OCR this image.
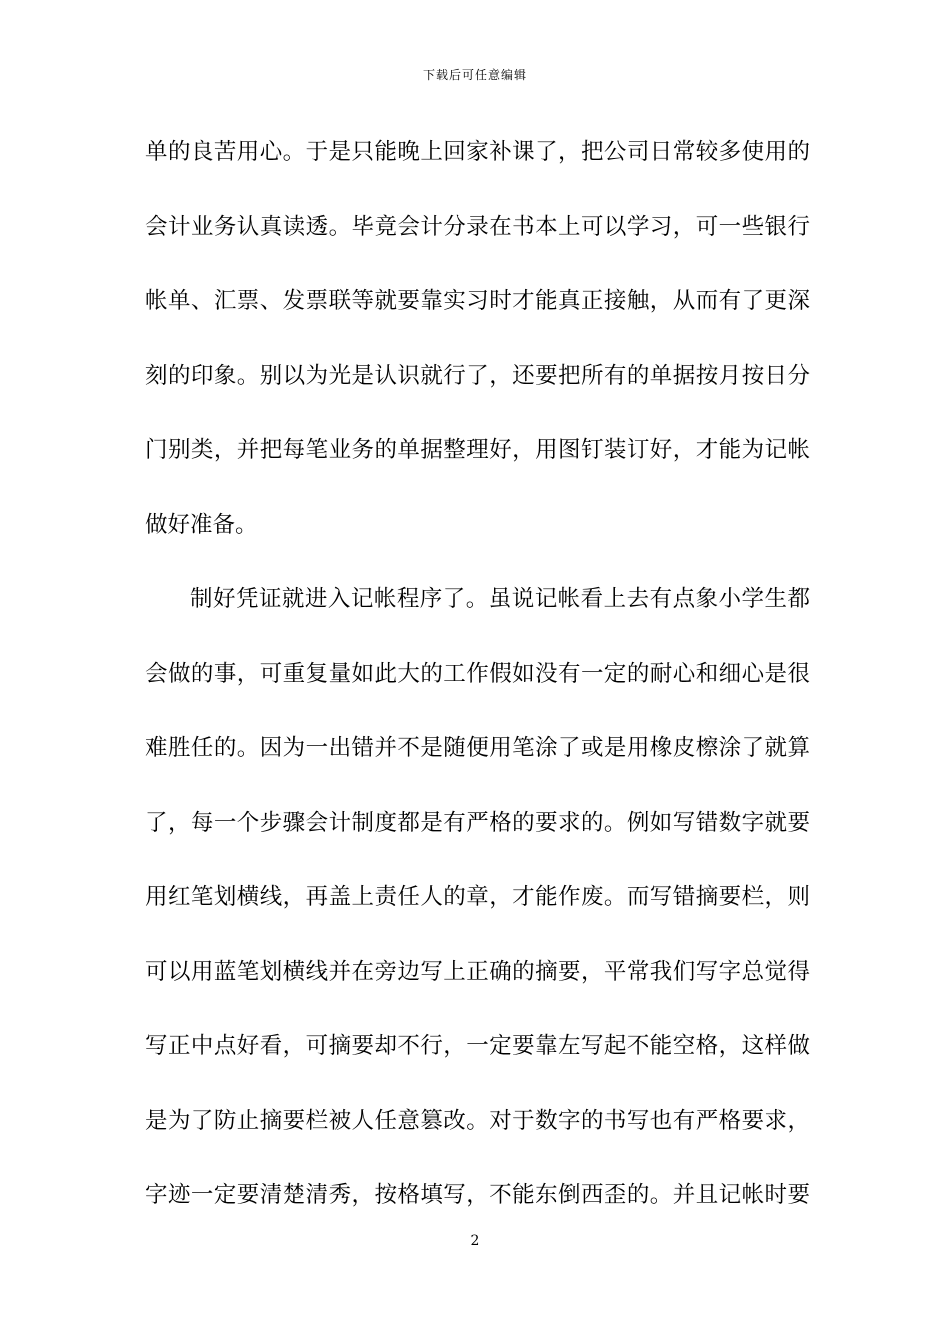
下载后可任意编辑
单的良苦用心。于是只能晚上回家补课了，把公司日常较多使用的
会计业务认真读透。毕竟会计分录在书本上可以学习，可一些银行
帐单、汇票、发票联等就要靠实习时才能真正接触，从而有了更深
刻的印象。别以为光是认识就行了，还要把所有的单据按月按日分
门别类，并把每笔业务的单据整理好，用图钉装订好，才能为记帐
做好准备。
制好凭证就进入记帐程序了。虽说记帐看上去有点象小学生都
会做的事，可重复量如此大的工作假如没有一定的耐心和细心是很
难胜任的。因为一出错并不是随便用笔涂了或是用橡皮檫涂了就算
了，每一个步骤会计制度都是有严格的要求的。例如写错数字就要
用红笔划横线，再盖上责任人的章，才能作废。而写错摘要栏，则
可以用蓝笔划横线并在旁边写上正确的摘要，平常我们写字总觉得
写正中点好看，可摘要却不行，一定要靠左写起不能空格，这样做
是为了防止摘要栏被人任意篡改。对于数字的书写也有严格要求，
字迹一定要清楚清秀，按格填写，不能东倒西歪的。并且记帐时要
2
